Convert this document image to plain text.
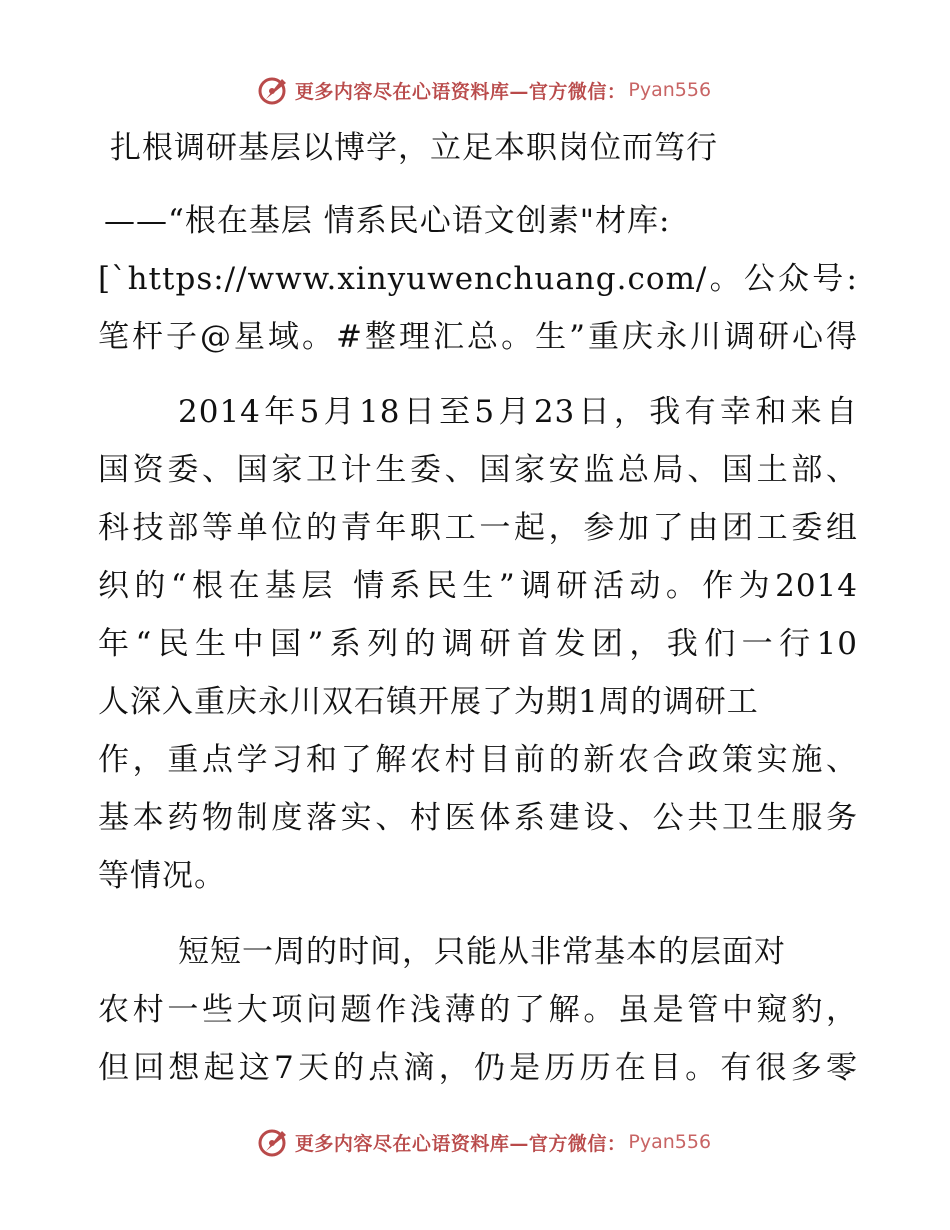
更多内容尽在心语资料库—官方微信： Pyan556
扎根调研基层以博学，立足本职岗位而笃行
——“根在基层 情系民心语文创素"材库:
[`https://www.xinyuwenchuang.com/。公众号:
笔杆子@星域。#整理汇总。生”重庆永川调研心得
2014年5月18日至5月23日，我有幸和来自
国资委、国家卫计生委、国家安监总局、国土部、
科技部等单位的青年职工一起，参加了由团工委组
织的“根在基层 情系民生”调研活动。作为2014
年“民生中国”系列的调研首发团，我们一行10
人深入重庆永川双石镇开展了为期1周的调研工
作，重点学习和了解农村目前的新农合政策实施、
基本药物制度落实、村医体系建设、公共卫生服务
等情况。
短短一周的时间，只能从非常基本的层面对
农村一些大项问题作浅薄的了解。虽是管中窥豹，
但回想起这7天的点滴，仍是历历在目。有很多零
更多内容尽在心语资料库—官方微信： Pyan556
